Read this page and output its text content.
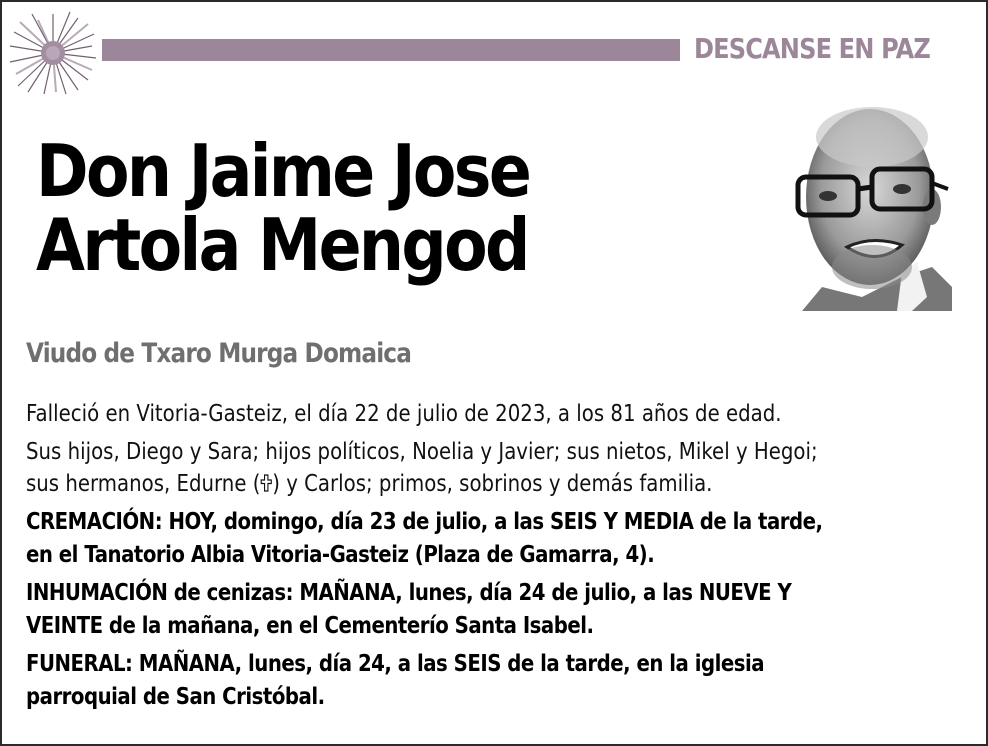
DESCANSE EN PAZ
Don Jaime Jose
Artola Mengod
Viudo de Txaro Murga Domaica
Falleció en Vitoria-Gasteiz, el día 22 de julio de 2023, a los 81 años de edad.
Sus hijos, Diego y Sara; hijos políticos, Noelia y Javier; sus nietos, Mikel y Hegoi;
sus hermanos, Edurne ( ) y Carlos; primos, sobrinos y demás familia.
CREMACIÓN: HOY, domingo, día 23 de julio, a las SEIS Y MEDIA de la tarde,
en el Tanatorio Albia Vitoria-Gasteiz (Plaza de Gamarra, 4).
INHUMACIÓN de cenizas: MAÑANA, lunes, día 24 de julio, a las NUEVE Y
VEINTE de la mañana, en el Cementerío Santa Isabel.
FUNERAL: MAÑANA, lunes, día 24, a las SEIS de la tarde, en la iglesia
parroquial de San Cristóbal.
